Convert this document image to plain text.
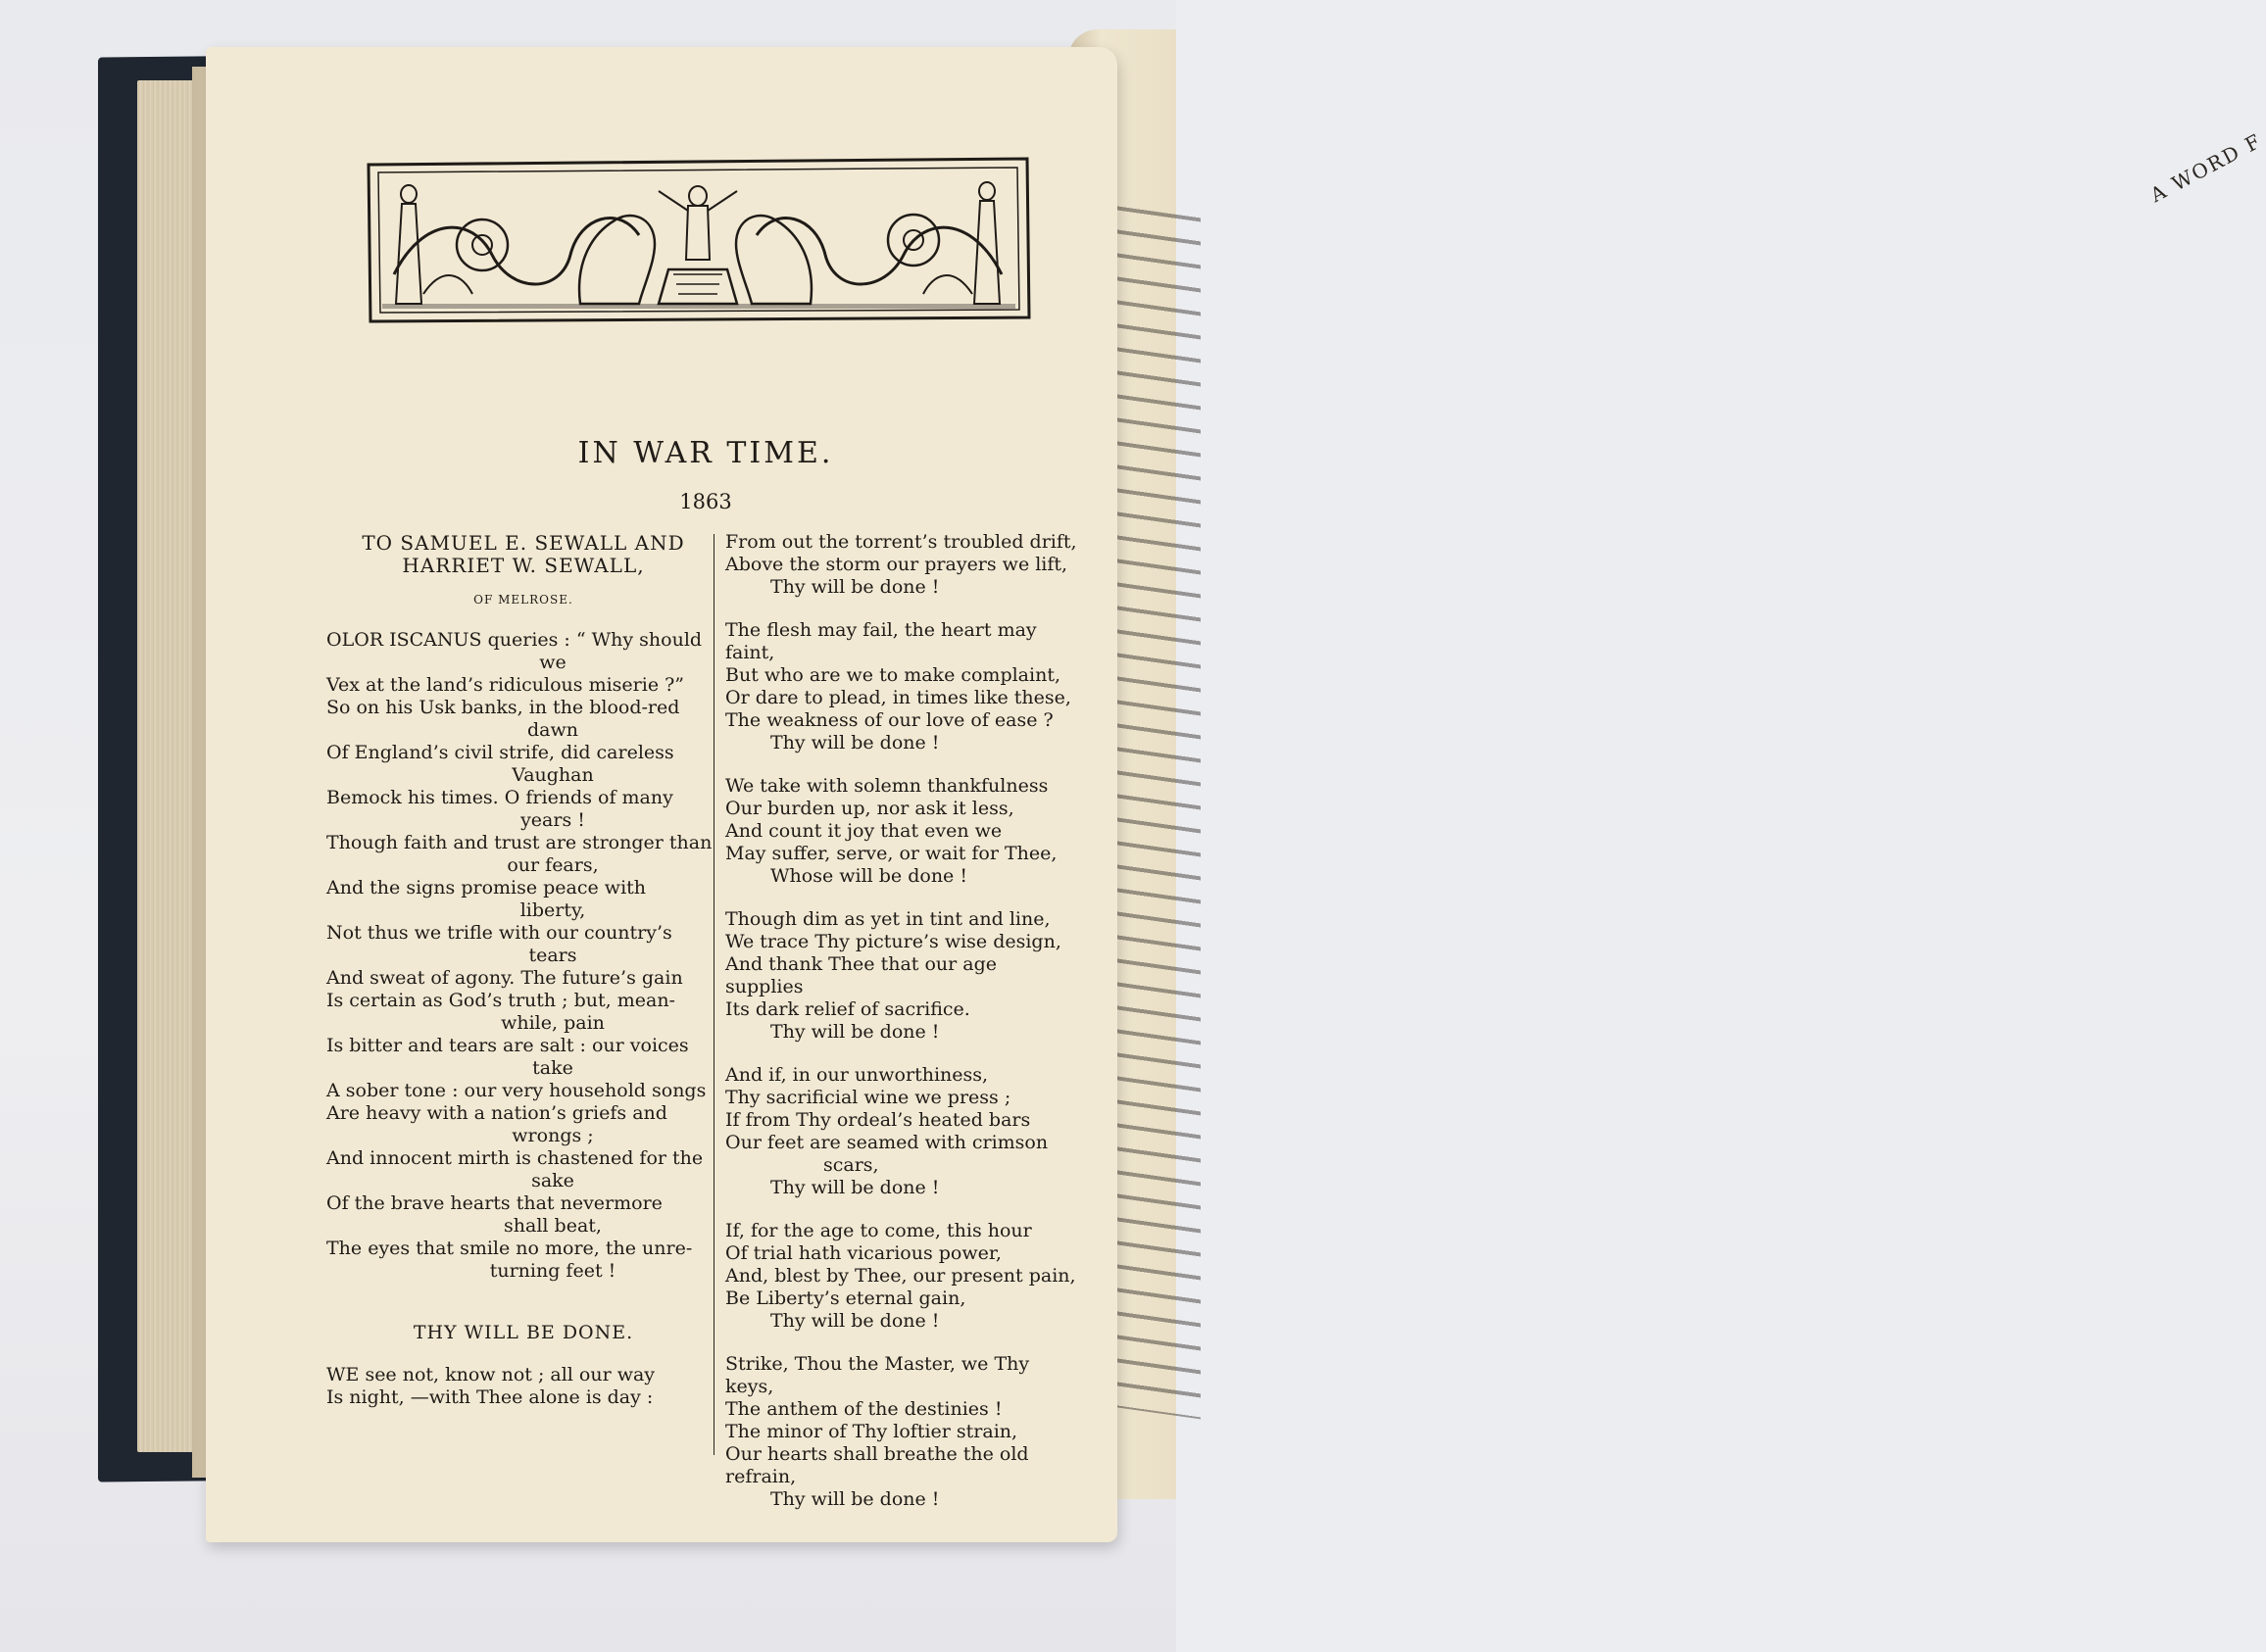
A WORD F
IN WAR TIME.
1863
TO SAMUEL E. SEWALL AND
HARRIET W. SEWALL,
OF MELROSE.
OLOR ISCANUS queries : “ Why should
we
Vex at the land’s ridiculous miserie ?”
So on his Usk banks, in the blood-red
dawn
Of England’s civil strife, did careless
Vaughan
Bemock his times. O friends of many
years !
Though faith and trust are stronger than
our fears,
And the signs promise peace with
liberty,
Not thus we trifle with our country’s
tears
And sweat of agony. The future’s gain
Is certain as God’s truth ; but, mean-
while, pain
Is bitter and tears are salt : our voices
take
A sober tone : our very household songs
Are heavy with a nation’s griefs and
wrongs ;
And innocent mirth is chastened for the
sake
Of the brave hearts that nevermore
shall beat,
The eyes that smile no more, the unre-
turning feet !
THY WILL BE DONE.
WE see not, know not ; all our way
Is night, —with Thee alone is day :
From out the torrent’s troubled drift,
Above the storm our prayers we lift,
Thy will be done !
The flesh may fail, the heart may faint,
But who are we to make complaint,
Or dare to plead, in times like these,
The weakness of our love of ease ?
Thy will be done !
We take with solemn thankfulness
Our burden up, nor ask it less,
And count it joy that even we
May suffer, serve, or wait for Thee,
Whose will be done !
Though dim as yet in tint and line,
We trace Thy picture’s wise design,
And thank Thee that our age supplies
Its dark relief of sacrifice.
Thy will be done !
And if, in our unworthiness,
Thy sacrificial wine we press ;
If from Thy ordeal’s heated bars
Our feet are seamed with crimson
scars,
Thy will be done !
If, for the age to come, this hour
Of trial hath vicarious power,
And, blest by Thee, our present pain,
Be Liberty’s eternal gain,
Thy will be done !
Strike, Thou the Master, we Thy keys,
The anthem of the destinies !
The minor of Thy loftier strain,
Our hearts shall breathe the old refrain,
Thy will be done !
